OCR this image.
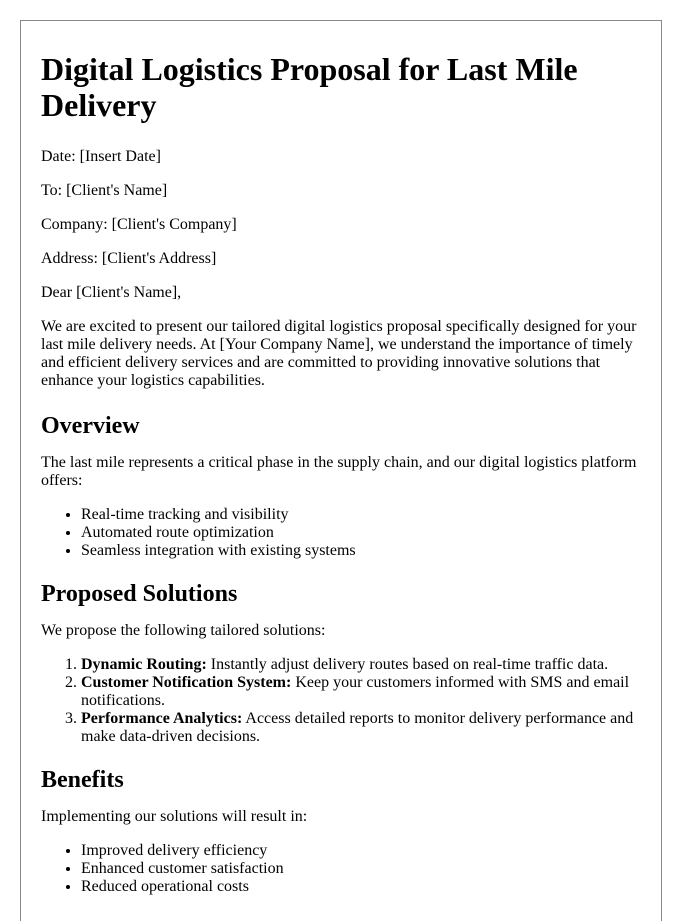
Digital Logistics Proposal for Last Mile Delivery

Date: [Insert Date]

To: [Client's Name]

Company: [Client's Company]

Address: [Client's Address]

Dear [Client's Name],

We are excited to present our tailored digital logistics proposal specifically designed for your last mile delivery needs. At [Your Company Name], we understand the importance of timely and efficient delivery services and are committed to providing innovative solutions that enhance your logistics capabilities.

Overview

The last mile represents a critical phase in the supply chain, and our digital logistics platform offers:

• Real-time tracking and visibility
• Automated route optimization
• Seamless integration with existing systems
Proposed Solutions

We propose the following tailored solutions:

1. Dynamic Routing: Instantly adjust delivery routes based on real-time traffic data.
2. Customer Notification System: Keep your customers informed with SMS and email notifications.
3. Performance Analytics: Access detailed reports to monitor delivery performance and make data-driven decisions.
Benefits

Implementing our solutions will result in:

• Improved delivery efficiency
• Enhanced customer satisfaction
• Reduced operational costs
